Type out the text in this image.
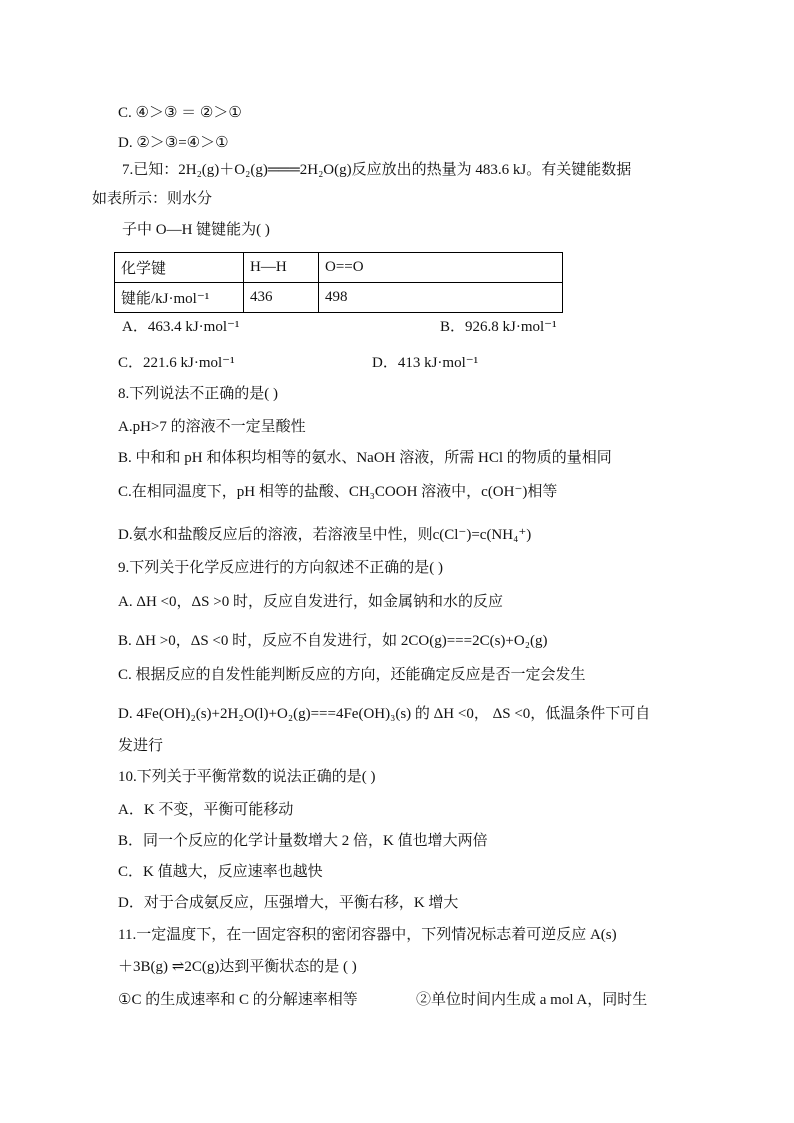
C. ④＞③ ＝ ②＞①
D. ②＞③=④＞①
7.已知：2H₂(g)＋O₂(g)═══2H₂O(g)反应放出的热量为 483.6 kJ。有关键能数据
如表所示：则水分
子中 O—H 键键能为( )
化学键	H—H	O==O
键能/kJ·mol⁻¹	436	498
A．463.4 kJ·mol⁻¹	B．926.8 kJ·mol⁻¹
C．221.6 kJ·mol⁻¹	D．413 kJ·mol⁻¹
8.下列说法不正确的是( )
A.pH>7 的溶液不一定呈酸性
B. 中和和 pH 和体积均相等的氨水、NaOH 溶液，所需 HCl 的物质的量相同
C.在相同温度下，pH 相等的盐酸、CH₃COOH 溶液中，c(OH⁻)相等
D.氨水和盐酸反应后的溶液，若溶液呈中性，则c(Cl⁻)=c(NH₄⁺)
9.下列关于化学反应进行的方向叙述不正确的是( )
A. ΔH <0，ΔS >0 时，反应自发进行，如金属钠和水的反应
B. ΔH >0，ΔS <0 时，反应不自发进行，如 2CO(g)===2C(s)+O₂(g)
C. 根据反应的自发性能判断反应的方向，还能确定反应是否一定会发生
D. 4Fe(OH)₂(s)+2H₂O(l)+O₂(g)===4Fe(OH)₃(s) 的 ΔH <0， ΔS <0，低温条件下可自
发进行
10.下列关于平衡常数的说法正确的是( )
A．K 不变，平衡可能移动
B．同一个反应的化学计量数增大 2 倍，K 值也增大两倍
C．K 值越大，反应速率也越快
D．对于合成氨反应，压强增大，平衡右移，K 增大
11.一定温度下，在一固定容积的密闭容器中，下列情况标志着可逆反应 A(s)
＋3B(g) ⇌2C(g)达到平衡状态的是 ( )
①C 的生成速率和 C 的分解速率相等	②单位时间内生成 a mol A，同时生
